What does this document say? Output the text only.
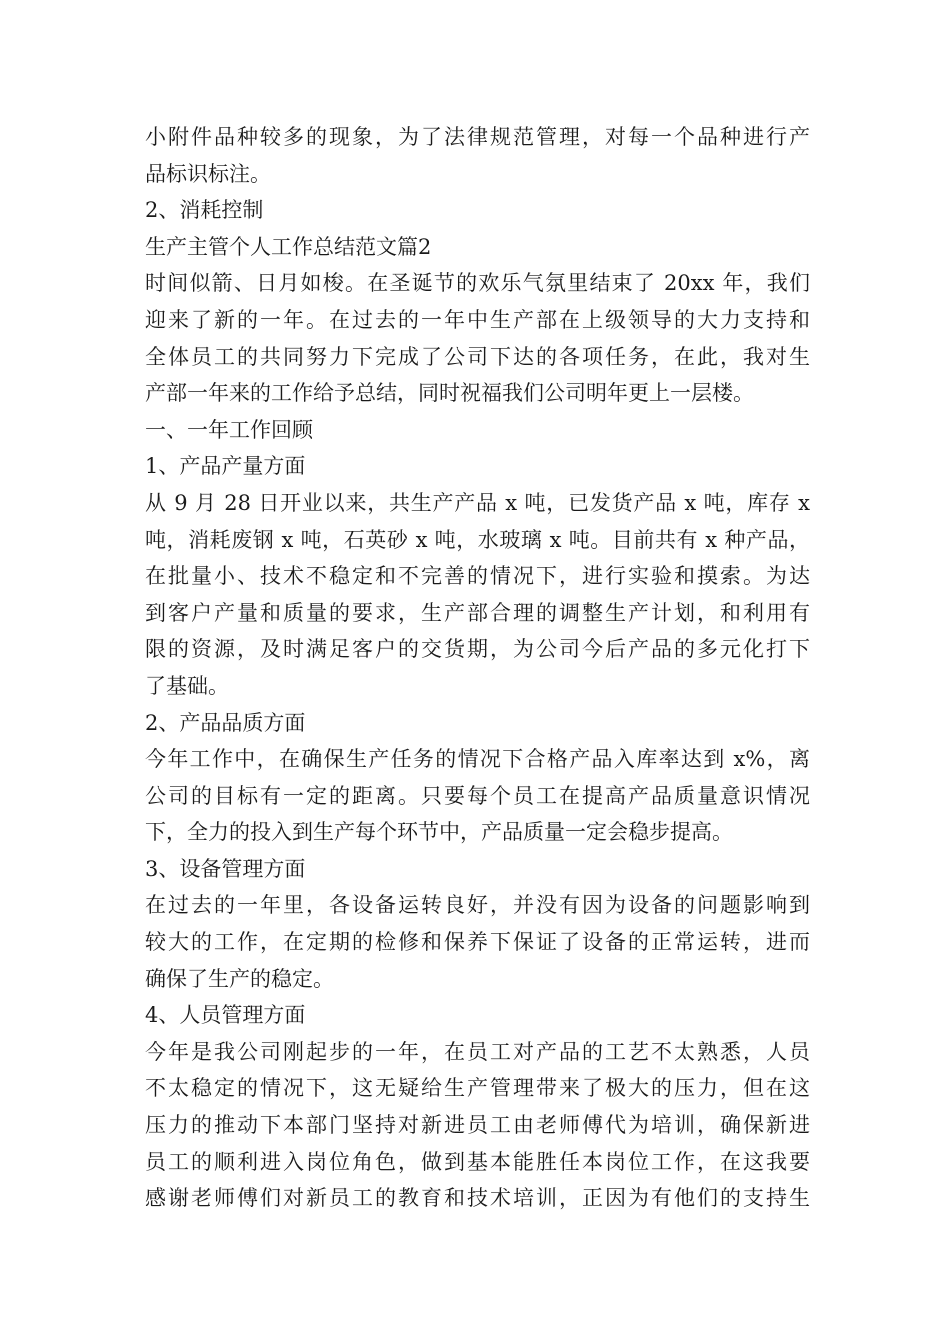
小附件品种较多的现象，为了法律规范管理，对每一个品种进行产
品标识标注。
2、消耗控制
生产主管个人工作总结范文篇2
时间似箭、日月如梭。在圣诞节的欢乐气氛里结束了 20xx 年，我们
迎来了新的一年。在过去的一年中生产部在上级领导的大力支持和
全体员工的共同努力下完成了公司下达的各项任务，在此，我对生
产部一年来的工作给予总结，同时祝福我们公司明年更上一层楼。
一、一年工作回顾
1、产品产量方面
从 9 月 28 日开业以来，共生产产品 x 吨，已发货产品 x 吨，库存 x
吨，消耗废钢 x 吨，石英砂 x 吨，水玻璃 x 吨。目前共有 x 种产品，
在批量小、技术不稳定和不完善的情况下，进行实验和摸索。为达
到客户产量和质量的要求，生产部合理的调整生产计划，和利用有
限的资源，及时满足客户的交货期，为公司今后产品的多元化打下
了基础。
2、产品品质方面
今年工作中，在确保生产任务的情况下合格产品入库率达到 x%，离
公司的目标有一定的距离。只要每个员工在提高产品质量意识情况
下，全力的投入到生产每个环节中，产品质量一定会稳步提高。
3、设备管理方面
在过去的一年里，各设备运转良好，并没有因为设备的问题影响到
较大的工作，在定期的检修和保养下保证了设备的正常运转，进而
确保了生产的稳定。
4、人员管理方面
今年是我公司刚起步的一年，在员工对产品的工艺不太熟悉，人员
不太稳定的情况下，这无疑给生产管理带来了极大的压力，但在这
压力的推动下本部门坚持对新进员工由老师傅代为培训，确保新进
员工的顺利进入岗位角色，做到基本能胜任本岗位工作，在这我要
感谢老师傅们对新员工的教育和技术培训，正因为有他们的支持生
